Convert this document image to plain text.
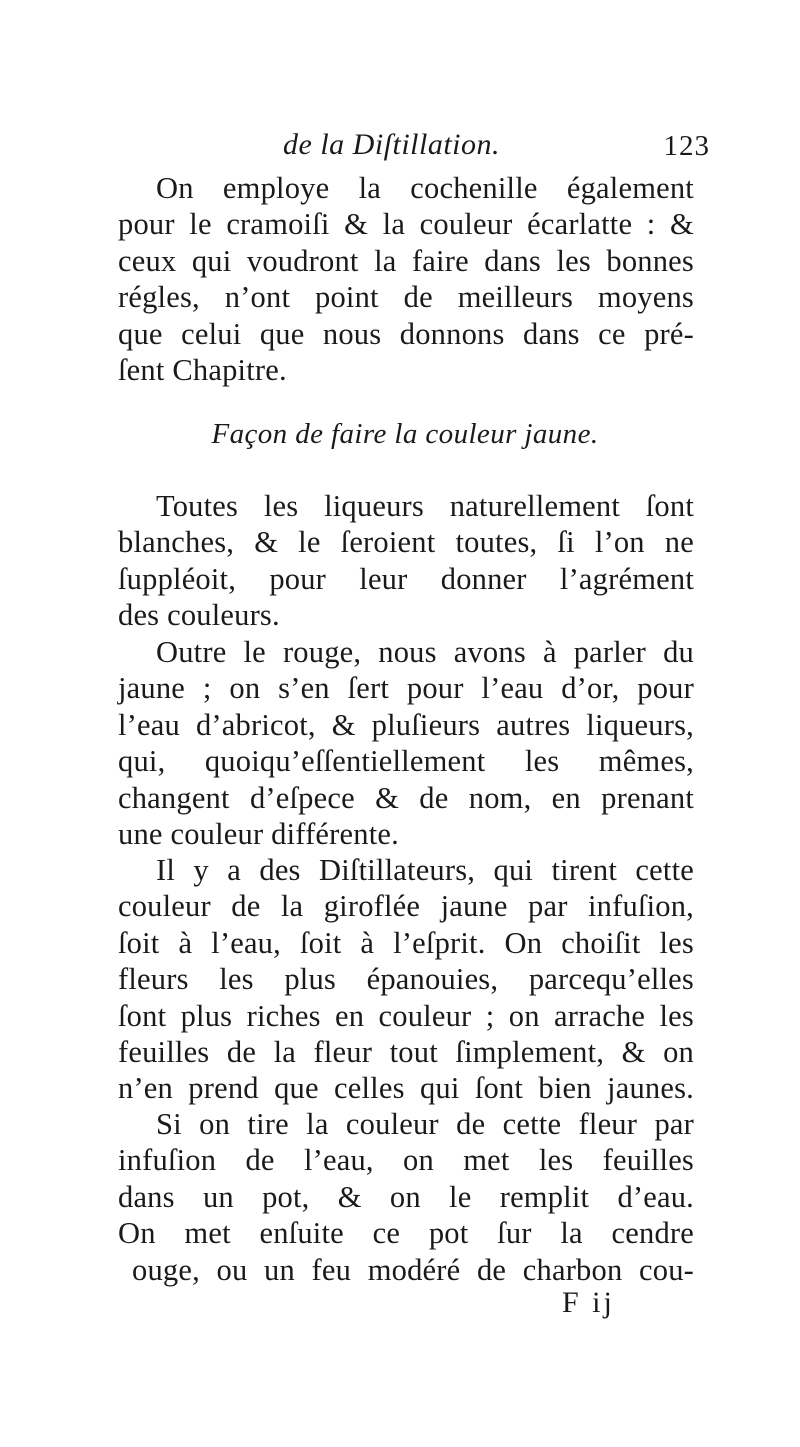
de la Diſtillation.	123
On employe la cochenille également
pour le cramoiſi & la couleur écarlatte : &
ceux qui voudront la faire dans les bonnes
régles, n’ont point de meilleurs moyens
que celui que nous donnons dans ce pré-
ſent Chapitre.
Façon de faire la couleur jaune.
Toutes les liqueurs naturellement ſont
blanches, & le ſeroient toutes, ſi l’on ne
ſuppléoit, pour leur donner l’agrément
des couleurs.
Outre le rouge, nous avons à parler du
jaune ; on s’en ſert pour l’eau d’or, pour
l’eau d’abricot, & pluſieurs autres liqueurs,
qui, quoiqu’eſſentiellement les mêmes,
changent d’eſpece & de nom, en prenant
une couleur différente.
Il y a des Diſtillateurs, qui tirent cette
couleur de la giroflée jaune par infuſion,
ſoit à l’eau, ſoit à l’eſprit. On choiſit les
fleurs les plus épanouies, parcequ’elles
ſont plus riches en couleur ; on arrache les
feuilles de la fleur tout ſimplement, & on
n’en prend que celles qui ſont bien jaunes.
Si on tire la couleur de cette fleur par
infuſion de l’eau, on met les feuilles
dans un pot, & on le remplit d’eau.
On met enſuite ce pot ſur la cendre
ouge, ou un feu modéré de charbon cou-
F ij
